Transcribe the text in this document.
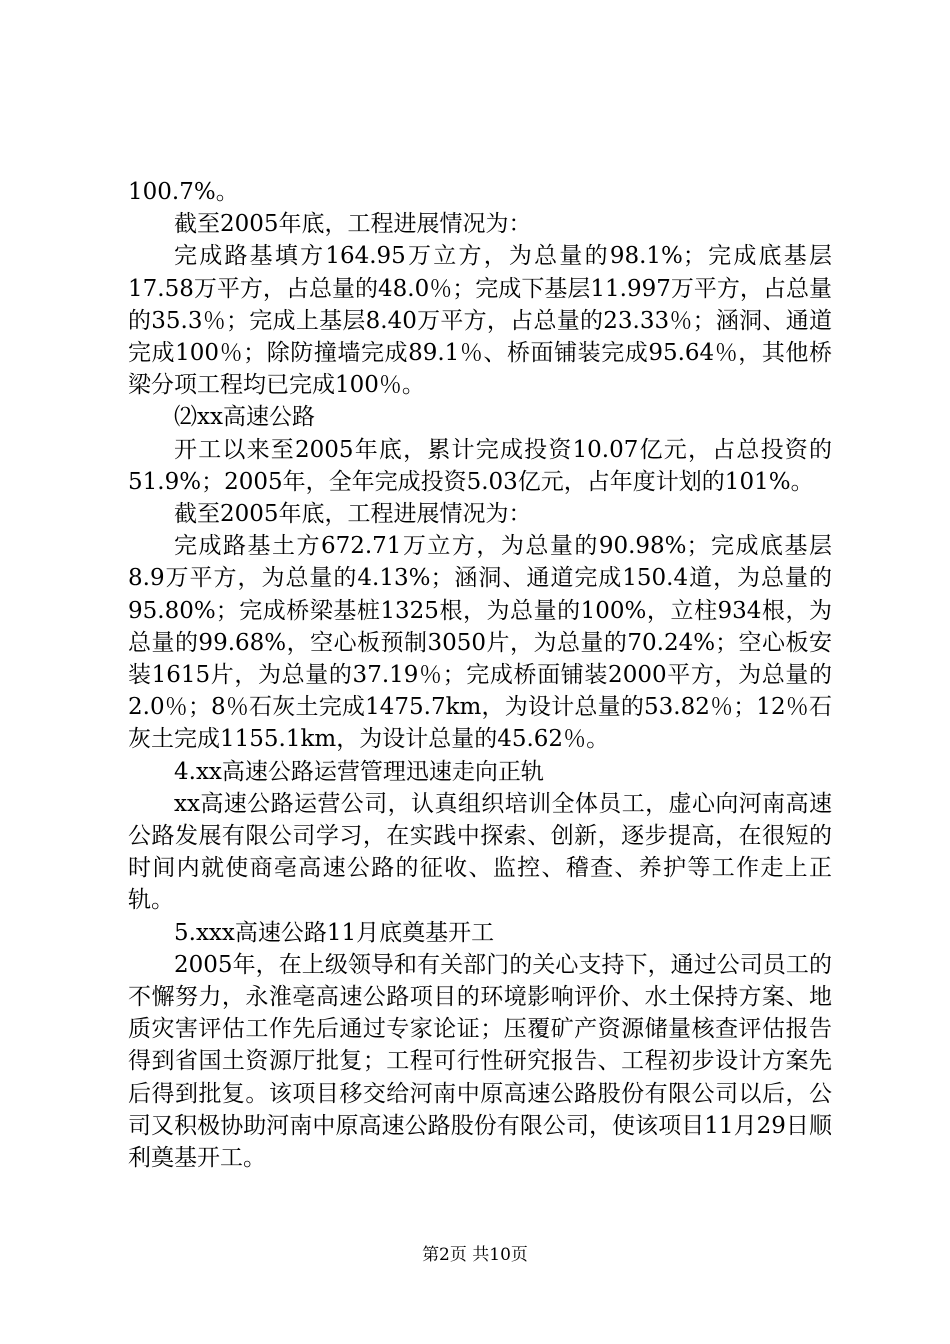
100.7%。

截至2005年底，工程进展情况为：

完成路基填方164.95万立方，为总量的98.1%；完成底基层17.58万平方，占总量的48.0％；完成下基层11.997万平方，占总量的35.3％；完成上基层8.40万平方，占总量的23.33％；涵洞、通道完成100％；除防撞墙完成89.1％、桥面铺装完成95.64％，其他桥梁分项工程均已完成100％。

⑵xx高速公路

开工以来至2005年底，累计完成投资10.07亿元，占总投资的51.9%；2005年，全年完成投资5.03亿元，占年度计划的101%。

截至2005年底，工程进展情况为：

完成路基土方672.71万立方，为总量的90.98%；完成底基层8.9万平方，为总量的4.13%；涵洞、通道完成150.4道，为总量的95.80%；完成桥梁基桩1325根，为总量的100%，立柱934根，为总量的99.68%，空心板预制3050片，为总量的70.24%；空心板安装1615片，为总量的37.19％；完成桥面铺装2000平方，为总量的2.0％；8％石灰土完成1475.7km，为设计总量的53.82％；12％石灰土完成1155.1km，为设计总量的45.62％。

4.xx高速公路运营管理迅速走向正轨

xx高速公路运营公司，认真组织培训全体员工，虚心向河南高速公路发展有限公司学习，在实践中探索、创新，逐步提高，在很短的时间内就使商亳高速公路的征收、监控、稽查、养护等工作走上正轨。

5.xxx高速公路11月底奠基开工

2005年，在上级领导和有关部门的关心支持下，通过公司员工的不懈努力，永淮亳高速公路项目的环境影响评价、水土保持方案、地质灾害评估工作先后通过专家论证；压覆矿产资源储量核查评估报告得到省国土资源厅批复；工程可行性研究报告、工程初步设计方案先后得到批复。该项目移交给河南中原高速公路股份有限公司以后，公司又积极协助河南中原高速公路股份有限公司，使该项目11月29日顺利奠基开工。

第2页 共10页
